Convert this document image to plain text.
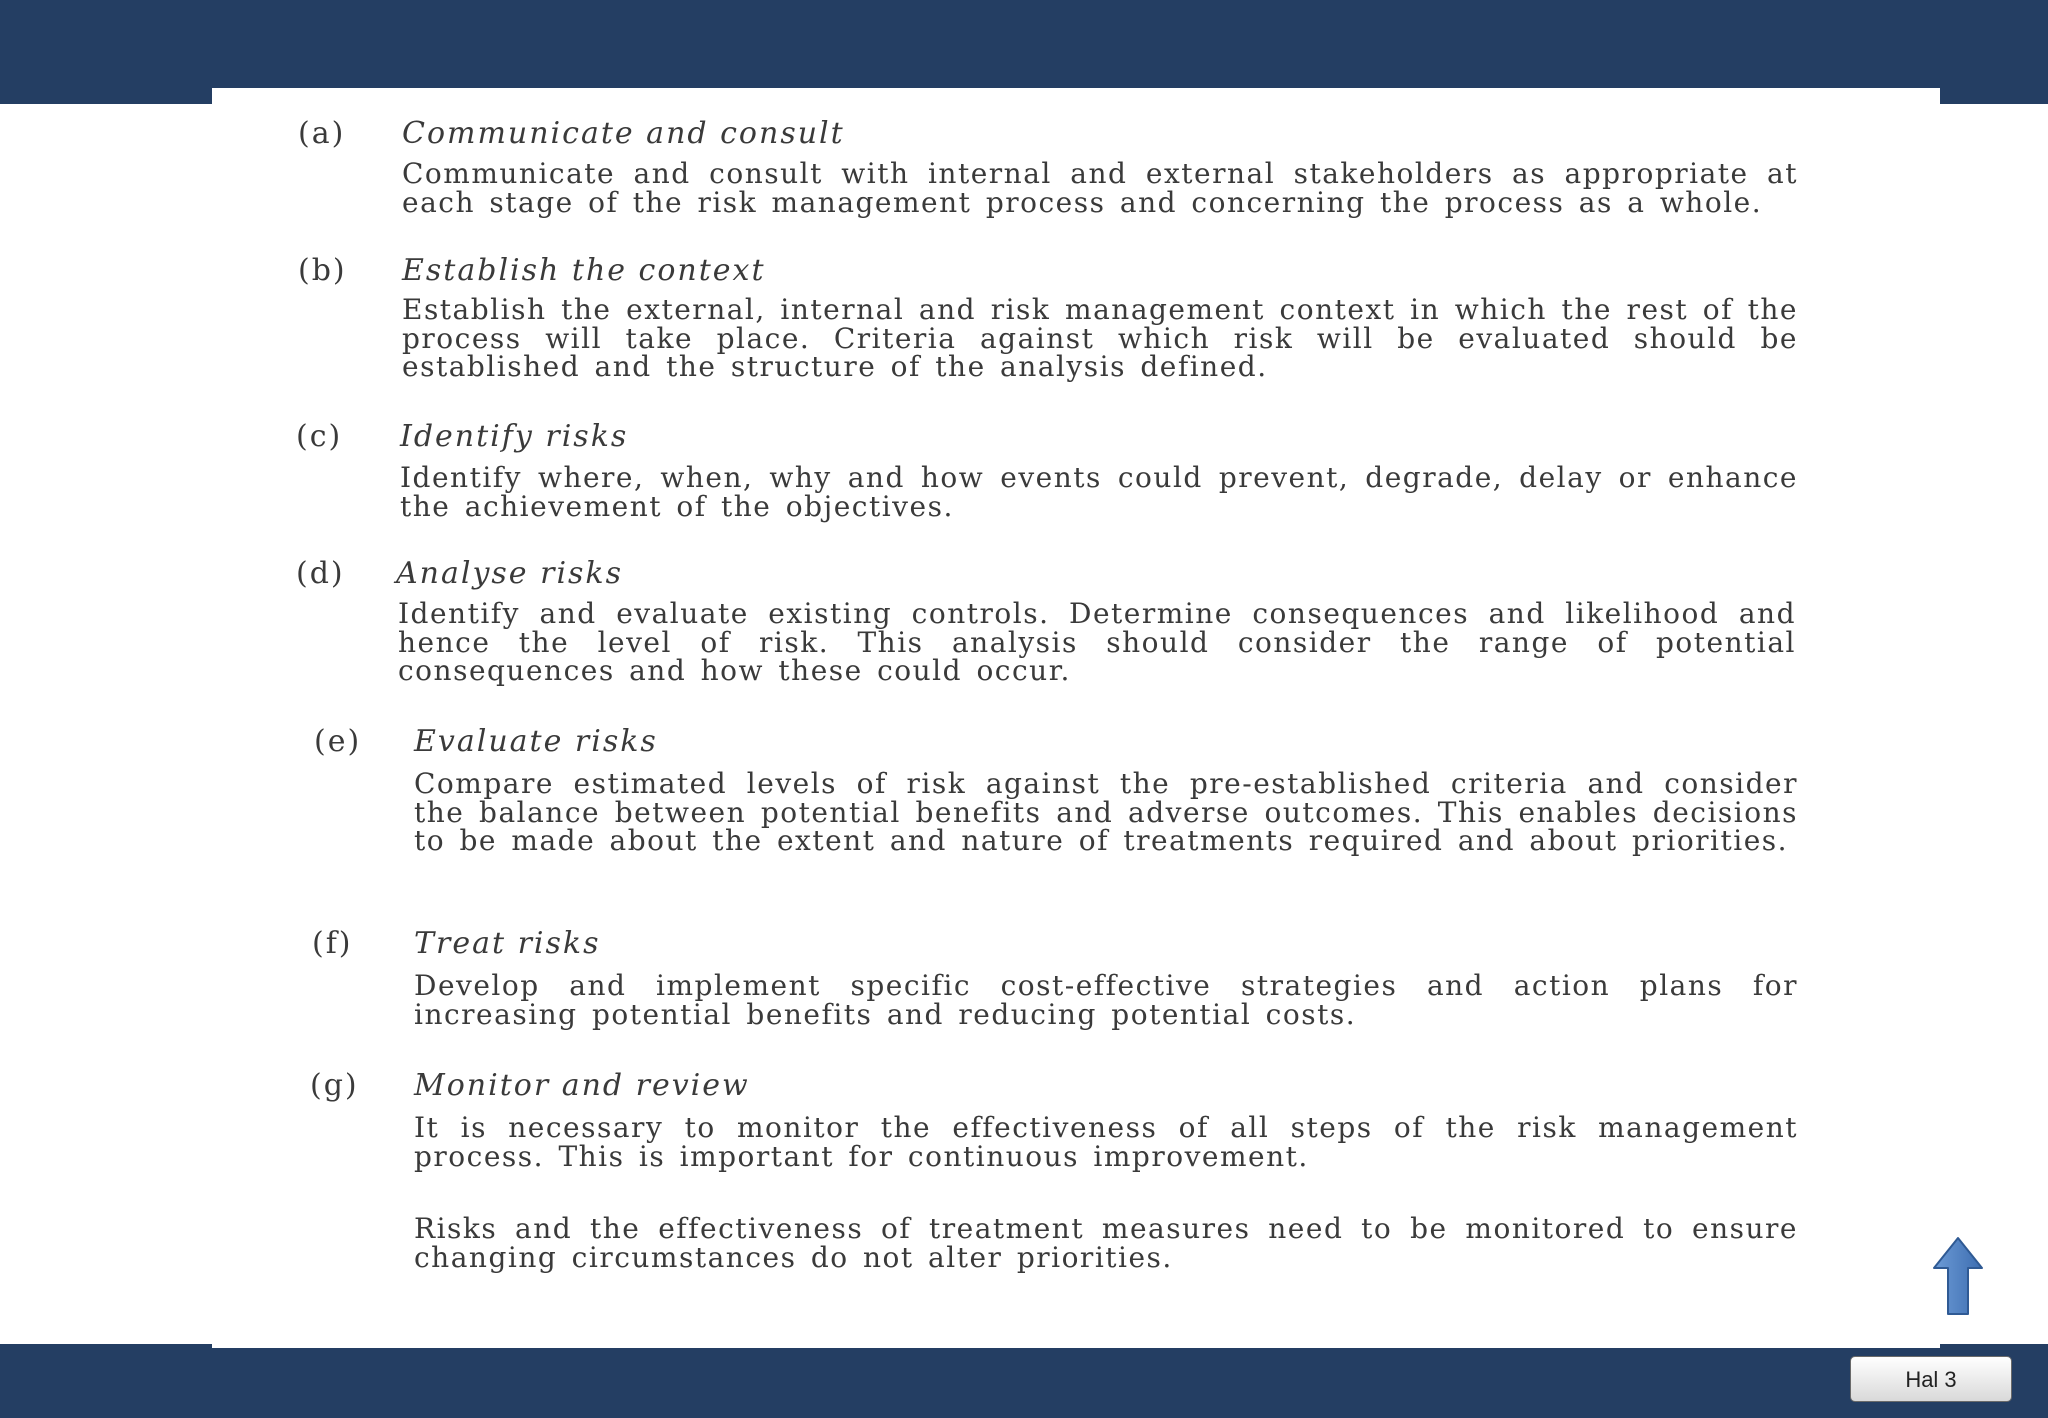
(a) Communicate and consult

Communicate and consult with internal and external stakeholders as appropriate at each stage of the risk management process and concerning the process as a whole.

(b) Establish the context

Establish the external, internal and risk management context in which the rest of the process will take place. Criteria against which risk will be evaluated should be established and the structure of the analysis defined.

(c) Identify risks

Identify where, when, why and how events could prevent, degrade, delay or enhance the achievement of the objectives.

(d) Analyse risks

Identify and evaluate existing controls. Determine consequences and likelihood and hence the level of risk. This analysis should consider the range of potential consequences and how these could occur.

(e) Evaluate risks

Compare estimated levels of risk against the pre-established criteria and consider the balance between potential benefits and adverse outcomes. This enables decisions to be made about the extent and nature of treatments required and about priorities.

(f) Treat risks

Develop and implement specific cost-effective strategies and action plans for increasing potential benefits and reducing potential costs.

(g) Monitor and review

It is necessary to monitor the effectiveness of all steps of the risk management process. This is important for continuous improvement.

Risks and the effectiveness of treatment measures need to be monitored to ensure changing circumstances do not alter priorities.

Hal 3
